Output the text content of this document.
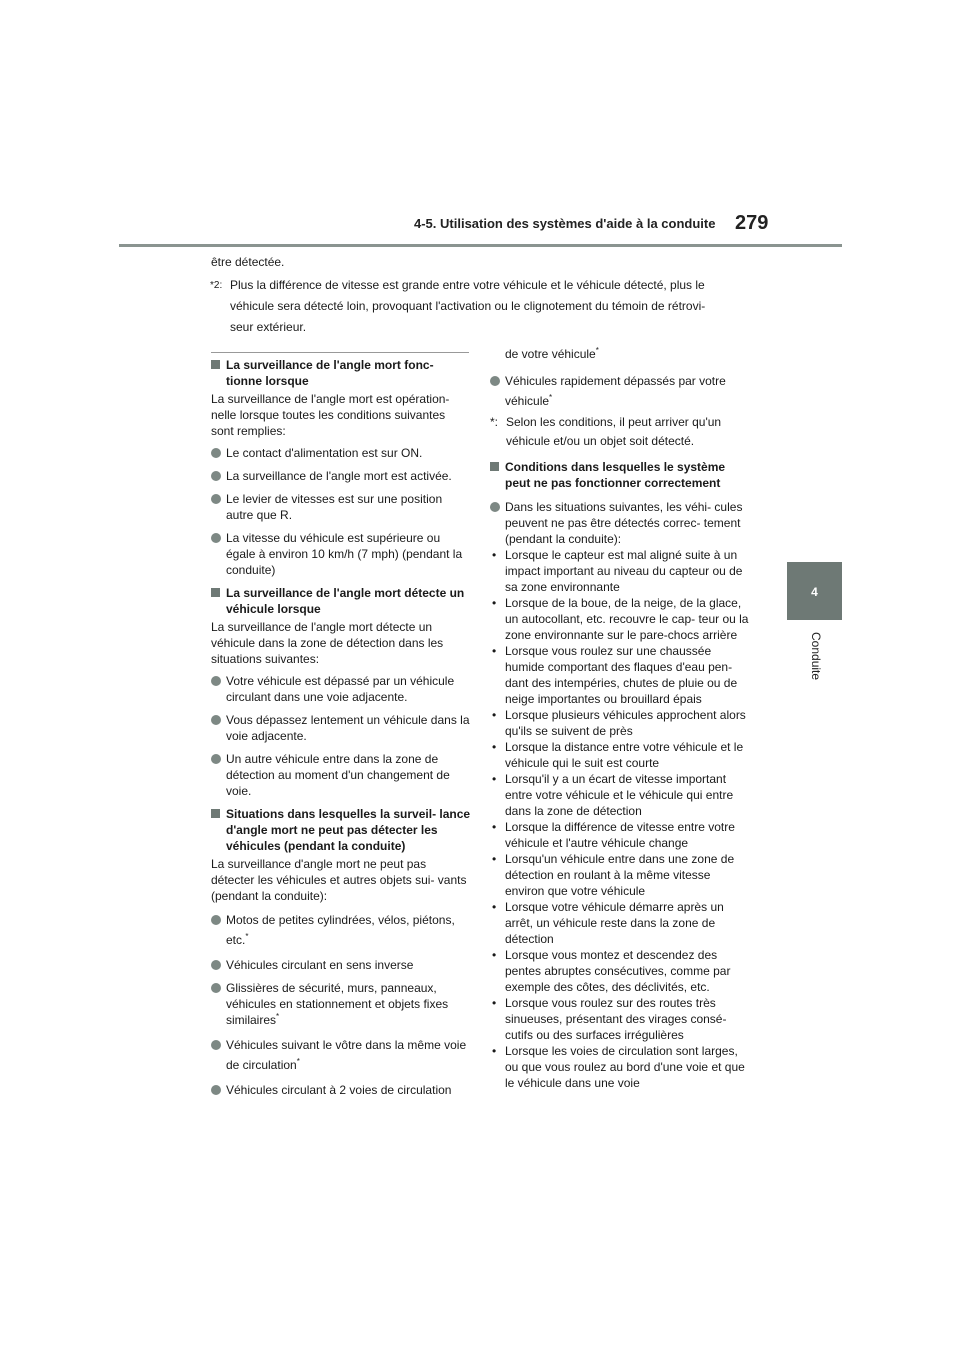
4-5. Utilisation des systèmes d'aide à la conduite 279
4
Conduite
être détectée.
*2: Plus la différence de vitesse est grande entre votre véhicule et le véhicule détecté, plus le
véhicule sera détecté loin, provoquant l'activation ou le clignotement du témoin de rétrovi-
seur extérieur.
La surveillance de l'angle mort fonc- tionne lorsque

La surveillance de l'angle mort est opération- nelle lorsque toutes les conditions suivantes sont remplies:

Le contact d'alimentation est sur ON.
La surveillance de l'angle mort est activée.
Le levier de vitesses est sur une position autre que R.
La vitesse du véhicule est supérieure ou égale à environ 10 km/h (7 mph) (pendant la conduite)
La surveillance de l'angle mort détecte un véhicule lorsque

La surveillance de l'angle mort détecte un véhicule dans la zone de détection dans les situations suivantes:

Votre véhicule est dépassé par un véhicule circulant dans une voie adjacente.
Vous dépassez lentement un véhicule dans la voie adjacente.
Un autre véhicule entre dans la zone de détection au moment d'un changement de voie.
Situations dans lesquelles la surveil- lance d'angle mort ne peut pas détecter les véhicules (pendant la conduite)

La surveillance d'angle mort ne peut pas détecter les véhicules et autres objets sui- vants (pendant la conduite):

Motos de petites cylindrées, vélos, piétons, etc.*
Véhicules circulant en sens inverse
Glissières de sécurité, murs, panneaux, véhicules en stationnement et objets fixes similaires*
Véhicules suivant le vôtre dans la même voie de circulation*
Véhicules circulant à 2 voies de circulation
de votre véhicule*
Véhicules rapidement dépassés par votre véhicule*
*: Selon les conditions, il peut arriver qu'un véhicule et/ou un objet soit détecté.
Conditions dans lesquelles le système peut ne pas fonctionner correctement
Dans les situations suivantes, les véhi- cules peuvent ne pas être détectés correc- tement (pendant la conduite):
• Lorsque le capteur est mal aligné suite à un impact important au niveau du capteur ou de sa zone environnante
• Lorsque de la boue, de la neige, de la glace, un autocollant, etc. recouvre le cap- teur ou la zone environnante sur le pare-chocs arrière
• Lorsque vous roulez sur une chaussée humide comportant des flaques d'eau pen- dant des intempéries, chutes de pluie ou de neige importantes ou brouillard épais
• Lorsque plusieurs véhicules approchent alors qu'ils se suivent de près
• Lorsque la distance entre votre véhicule et le véhicule qui le suit est courte
• Lorsqu'il y a un écart de vitesse important entre votre véhicule et le véhicule qui entre dans la zone de détection
• Lorsque la différence de vitesse entre votre véhicule et l'autre véhicule change
• Lorsqu'un véhicule entre dans une zone de détection en roulant à la même vitesse environ que votre véhicule
• Lorsque votre véhicule démarre après un arrêt, un véhicule reste dans la zone de détection
• Lorsque vous montez et descendez des pentes abruptes consécutives, comme par exemple des côtes, des déclivités, etc.
• Lorsque vous roulez sur des routes très sinueuses, présentant des virages consé- cutifs ou des surfaces irrégulières
• Lorsque les voies de circulation sont larges, ou que vous roulez au bord d'une voie et que le véhicule dans une voie
